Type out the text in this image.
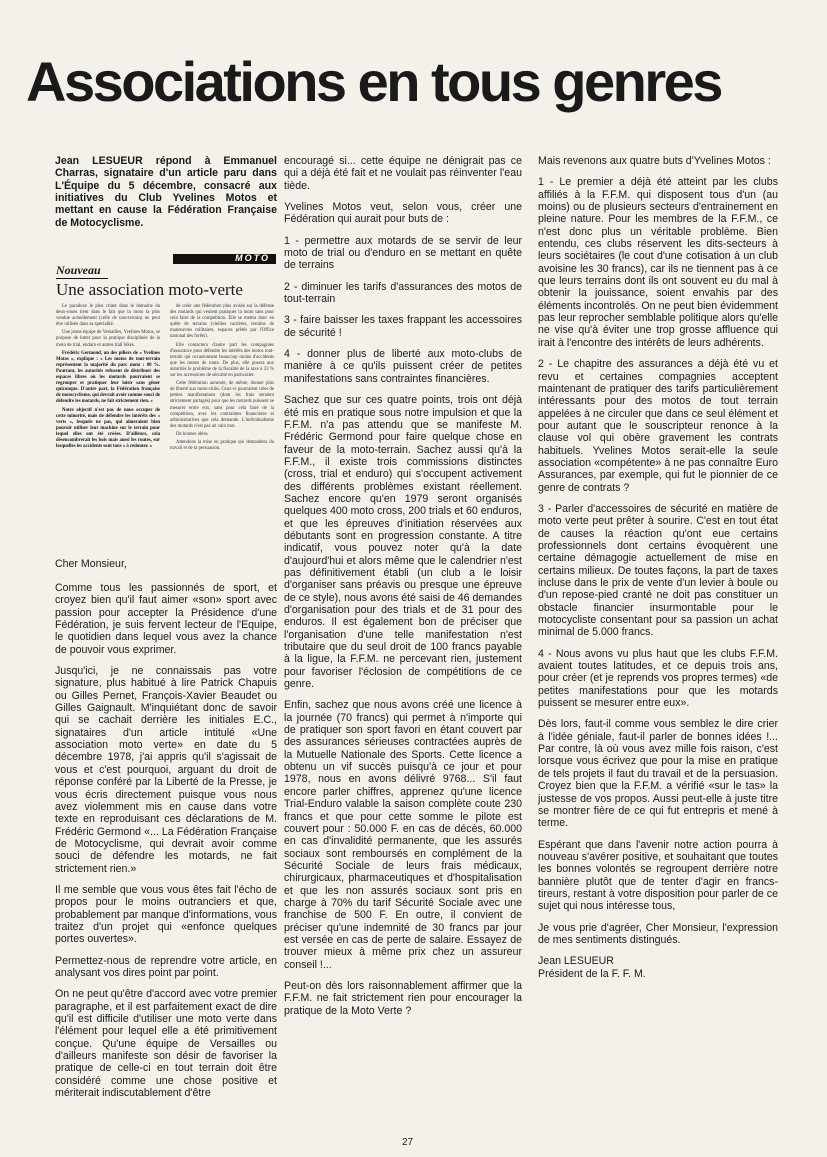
Associations en tous genres

Jean LESUEUR répond à Emmanuel Charras, signataire d'un article paru dans L'Équipe du 5 décembre, consacré aux initiatives du Club Yvelines Motos et mettant en cause la Fédération Française de Motocyclisme.

MOTO
Nouveau
Une association moto-verte

Le paradoxe le plus criant dans le domaine du deux-roues tient dans le fait que la moto la plus vendue actuellement (celle de tout-terrain) ne peut être utilisée dans sa spécialité.

Une jeune équipe de Versailles, Yvelines Motos, se propose de lutter pour la pratique disciplinée de la moto de trial, enduro et autres trail bikes.

Frédéric Germond, un des piliers de « Yvelines Motos », explique : « Les motos de tout-terrain représentent la majorité du parc moto : 80 %. Pourtant, les autorités refusent de distribuer des espaces libres où les motards pourraient se regrouper et pratiquer leur loisir sans gêner quiconque. D'autre part, la Fédération française de motocyclisme, qui devrait avoir comme souci de défendre les motards, ne fait strictement rien. »

Notre objectif n'est pas de nous occuper de cette minorité, mais de défendre les intérêts des « verts », lesquels ne pas, qui aimeraient bien pouvoir utiliser leur machine sur le terrain pour lequel elles ont été créées. D'ailleurs, cela désencombrerait les bois mais aussi les routes, sur lesquelles les accidents sont tous « à redouter. »

de créer une fédération plus avisée sur la défense des motards qui veulent pratiquer la moto sans pour cela faire de la compétition. Elle se mettra donc en quête de terrains (vieilles carrières, terrains de manœuvres militaires, espaces prêtés par l'Office national des forêts).

Elle contactera d'autre part les compagnies d'assurance pour défendre les intérêts des motos tout-terrain qui occasionnent beaucoup moins d'accidents que les motos de route. De plus, elle posera aux autorités le problème de la fiscalité de la taxe à 33 % sur les accessoires de sécurité en particulier.

Cette fédération annexée, de même, donner plus de liberté aux moto-clubs. Ceux-ci pourraient créer de petites manifestations (dont les frais seraient strictement partagés) pour que les motards puissent se mesurer entre eux, sans pour cela faire de la compétition, avec les contraintes financières et administratives que cela demande. L'individualisme des motards n'est pas un vain mot.

De bonnes idées.

Attendons la mise en pratique qui demandera du travail et de la persuasion.

Cher Monsieur,

Comme tous les passionnés de sport, et croyez bien qu'il faut aimer «son» sport avec passion pour accepter la Présidence d'une Fédération, je suis fervent lecteur de l'Equipe, le quotidien dans lequel vous avez la chance de pouvoir vous exprimer.

Jusqu'ici, je ne connaissais pas votre signature, plus habitué à lire Patrick Chapuis ou Gilles Pernet, François-Xavier Beaudet ou Gilles Gaignault. M'inquiétant donc de savoir qui se cachait derrière les initiales E.C., signataires d'un article intitulé «Une association moto verte» en date du 5 décembre 1978, j'ai appris qu'il s'agissait de vous et c'est pourquoi, arguant du droit de réponse conféré par la Liberté de la Presse, je vous écris directement puisque vous nous avez violemment mis en cause dans votre texte en reproduisant ces déclarations de M. Frédéric Germond «... La Fédération Française de Motocyclisme, qui devrait avoir comme souci de défendre les motards, ne fait strictement rien.»

Il me semble que vous vous êtes fait l'écho de propos pour le moins outranciers et que, probablement par manque d'informations, vous traitez d'un projet qui «enfonce quelques portes ouvertes».

Permettez-nous de reprendre votre article, en analysant vos dires point par point.

On ne peut qu'être d'accord avec votre premier paragraphe, et il est parfaitement exact de dire qu'il est difficile d'utiliser une moto verte dans l'élément pour lequel elle a été primitivement conçue. Qu'une équipe de Versailles ou d'ailleurs manifeste son désir de favoriser la pratique de celle-ci en tout terrain doit être considéré comme une chose positive et mériterait indiscutablement d'être

encouragé si... cette équipe ne dénigrait pas ce qui a déjà été fait et ne voulait pas réinventer l'eau tiède.

Yvelines Motos veut, selon vous, créer une Fédération qui aurait pour buts de :

1 - permettre aux motards de se servir de leur moto de trial ou d'enduro en se mettant en quête de terrains

2 - diminuer les tarifs d'assurances des motos de tout-terrain

3 - faire baisser les taxes frappant les accessoires de sécurité !

4 - donner plus de liberté aux moto-clubs de manière à ce qu'ils puissent créer de petites manifestations sans contraintes financières.

Sachez que sur ces quatre points, trois ont déjà été mis en pratique sous notre impulsion et que la F.F.M. n'a pas attendu que se manifeste M. Frédéric Germond pour faire quelque chose en faveur de la moto-terrain. Sachez aussi qu'à la F.F.M., il existe trois commissions distinctes (cross, trial et enduro) qui s'occupent activement des différents problèmes existant réellement. Sachez encore qu'en 1979 seront organisés quelques 400 moto cross, 200 trials et 60 enduros, et que les épreuves d'initiation réservées aux débutants sont en progression constante. A titre indicatif, vous pouvez noter qu'à la date d'aujourd'hui et alors même que le calendrier n'est pas définitivement établi (un club a le loisir d'organiser sans préavis ou presque une épreuve de ce style), nous avons été saisi de 46 demandes d'organisation pour des trials et de 31 pour des enduros. Il est également bon de préciser que l'organisation d'une telle manifestation n'est tributaire que du seul droit de 100 francs payable à la ligue, la F.F.M. ne percevant rien, justement pour favoriser l'éclosion de compétitions de ce genre.

Enfin, sachez que nous avons créé une licence à la journée (70 francs) qui permet à n'importe qui de pratiquer son sport favori en étant couvert par des assurances sérieuses contractées auprès de la Mutuelle Nationale des Sports. Cette licence a obtenu un vif succès puisqu'à ce jour et pour 1978, nous en avons délivré 9768... S'il faut encore parler chiffres, apprenez qu'une licence Trial-Enduro valable la saison complète coute 230 francs et que pour cette somme le pilote est couvert pour : 50.000 F. en cas de décès, 60.000 en cas d'invalidité permanente, que les assurés sociaux sont remboursés en complément de la Sécurité Sociale de leurs frais médicaux, chirurgicaux, pharmaceutiques et d'hospitalisation et que les non assurés sociaux sont pris en charge à 70% du tarif Sécurité Sociale avec une franchise de 500 F. En outre, il convient de préciser qu'une indemnité de 30 francs par jour est versée en cas de perte de salaire. Essayez de trouver mieux à même prix chez un assureur conseil !...

Peut-on dès lors raisonnablement affirmer que la F.F.M. ne fait strictement rien pour encourager la pratique de la Moto Verte ?

Mais revenons aux quatre buts d'Yvelines Motos :

1 - Le premier a déjà été atteint par les clubs affiliés à la F.F.M. qui disposent tous d'un (au moins) ou de plusieurs secteurs d'entrainement en pleine nature. Pour les membres de la F.F.M., ce n'est donc plus un véritable problème. Bien entendu, ces clubs réservent les dits-secteurs à leurs sociétaires (le cout d'une cotisation à un club avoisine les 30 francs), car ils ne tiennent pas à ce que leurs terrains dont ils ont souvent eu du mal à obtenir la jouissance, soient envahis par des éléments incontrolés. On ne peut bien évidemment pas leur reprocher semblable politique alors qu'elle ne vise qu'à éviter une trop grosse affluence qui irait à l'encontre des intérêts de leurs adhérents.

2 - Le chapitre des assurances a déjà été vu et revu et certaines compagnies acceptent maintenant de pratiquer des tarifs particulièrement intéressants pour des motos de tout terrain appelées à ne circuler que dans ce seul élément et pour autant que le souscripteur renonce à la clause vol qui obère gravement les contrats habituels. Yvelines Motos serait-elle la seule association «compétente» à ne pas connaître Euro Assurances, par exemple, qui fut le pionnier de ce genre de contrats ?

3 - Parler d'accessoires de sécurité en matière de moto verte peut prêter à sourire. C'est en tout état de causes la réaction qu'ont eue certains professionnels dont certains évoquèrent une certaine démagogie actuellement de mise en certains milieux. De toutes façons, la part de taxes incluse dans le prix de vente d'un levier à boule ou d'un repose-pied cranté ne doit pas constituer un obstacle financier insurmontable pour le motocycliste consentant pour sa passion un achat minimal de 5.000 francs.

4 - Nous avons vu plus haut que les clubs F.F.M. avaient toutes latitudes, et ce depuis trois ans, pour créer (et je reprends vos propres termes) «de petites manifestations pour que les motards puissent se mesurer entre eux».

Dès lors, faut-il comme vous semblez le dire crier à l'idée géniale, faut-il parler de bonnes idées !... Par contre, là où vous avez mille fois raison, c'est lorsque vous écrivez que pour la mise en pratique de tels projets il faut du travail et de la persuasion. Croyez bien que la F.F.M. a vérifié «sur le tas» la justesse de vos propos. Aussi peut-elle à juste titre se montrer fière de ce qui fut entrepris et mené à terme.

Espérant que dans l'avenir notre action pourra à nouveau s'avérer positive, et souhaitant que toutes les bonnes volontés se regroupent derrière notre bannière plutôt que de tenter d'agir en francs-tireurs, restant à votre disposition pour parler de ce sujet qui nous intéresse tous,

Je vous prie d'agréer, Cher Monsieur, l'expression de mes sentiments distingués.

Jean LESUEUR

Président de la F. F. M.

27
